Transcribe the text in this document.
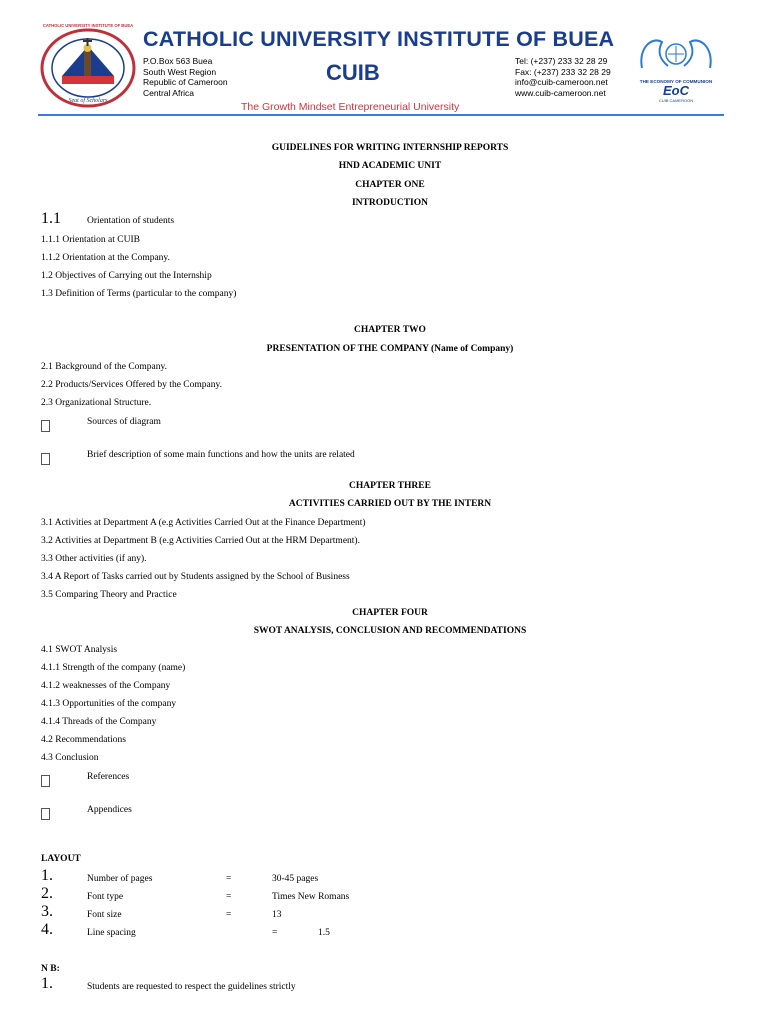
CATHOLIC UNIVERSITY INSTITUTE OF BUEA
Seat of Scholars
CATHOLIC UNIVERSITY INSTITUTE OF BUEA
P.O.Box 563 Buea
South West Region
Republic of Cameroon
Central Africa
CUIB	Tel: (+237) 233 32 28 29
Fax: (+237) 233 32 28 29
info@cuib-cameroon.net
www.cuib-cameroon.net
THE ECONOMY OF COMMUNION
EoC
CUIB CAMEROON
The Growth Mindset Entrepreneurial University
GUIDELINES FOR WRITING INTERNSHIP REPORTS
HND ACADEMIC UNIT
CHAPTER ONE
INTRODUCTION
1.1	Orientation of students
1.1.1 Orientation at CUIB
1.1.2 Orientation at the Company.
1.2 Objectives of Carrying out the Internship
1.3 Definition of Terms (particular to the company)
CHAPTER TWO
PRESENTATION OF THE COMPANY (Name of Company)
2.1 Background of the Company.
2.2 Products/Services Offered by the Company.
2.3 Organizational Structure.
Sources of diagram
Brief description of some main functions and how the units are related
CHAPTER THREE
ACTIVITIES CARRIED OUT BY THE INTERN
3.1 Activities at Department A (e.g Activities Carried Out at the Finance Department)
3.2 Activities at Department B (e.g Activities Carried Out at the HRM Department).
3.3 Other activities (if any).
3.4 A Report of Tasks carried out by Students assigned by the School of Business
3.5 Comparing Theory and Practice
CHAPTER FOUR
SWOT ANALYSIS, CONCLUSION AND RECOMMENDATIONS
4.1 SWOT Analysis
4.1.1 Strength of the company (name)
4.1.2 weaknesses of the Company
4.1.3 Opportunities of the company
4.1.4 Threads of the Company
4.2 Recommendations
4.3 Conclusion
References
Appendices
LAYOUT
1.	Number of pages	=	30-45 pages
2.	Font type	=	Times New Romans
3.	Font size	=	13
4.	Line spacing	=	1.5
N B:
1.	Students are requested to respect the guidelines strictly
